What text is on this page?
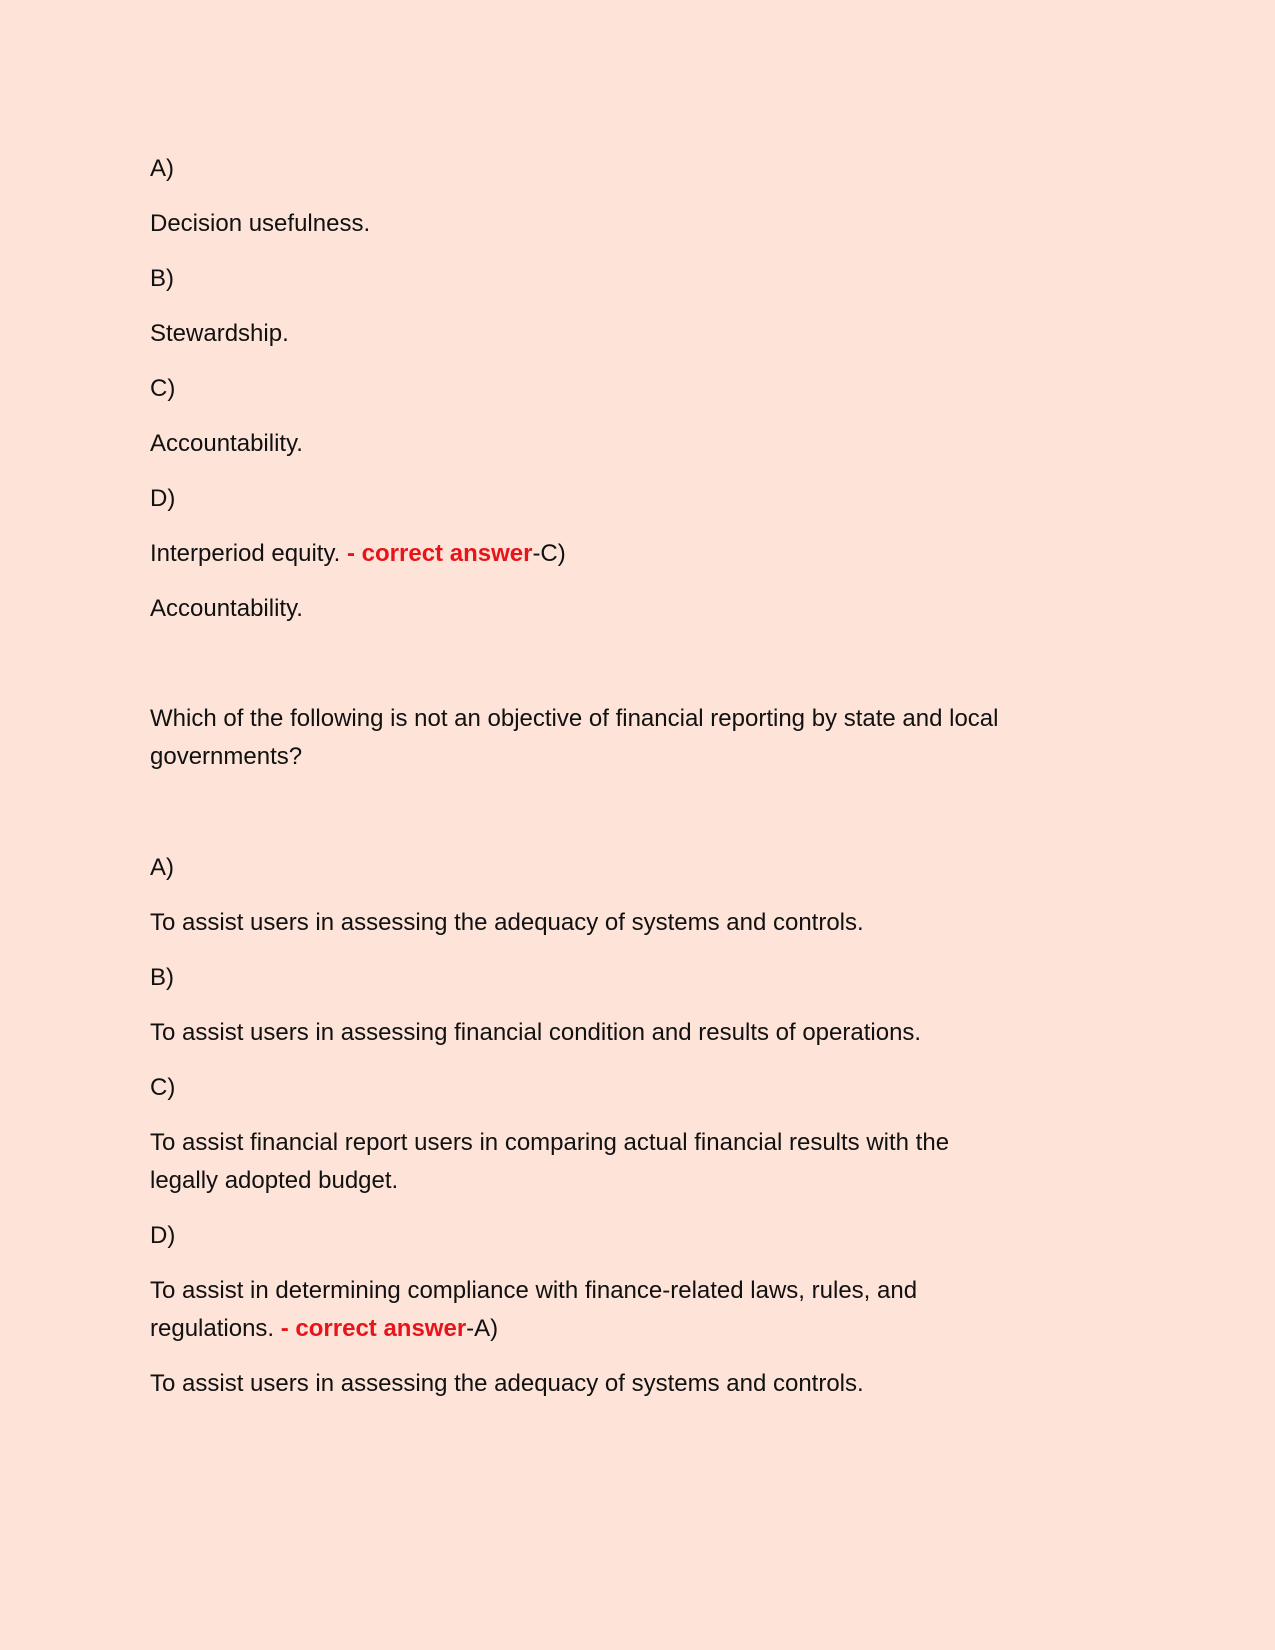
A)
Decision usefulness.
B)
Stewardship.
C)
Accountability.
D)
Interperiod equity. - correct answer-C)
Accountability.
Which of the following is not an objective of financial reporting by state and local
governments?
A)
To assist users in assessing the adequacy of systems and controls.
B)
To assist users in assessing financial condition and results of operations.
C)
To assist financial report users in comparing actual financial results with the
legally adopted budget.
D)
To assist in determining compliance with finance-related laws, rules, and
regulations. - correct answer-A)
To assist users in assessing the adequacy of systems and controls.
